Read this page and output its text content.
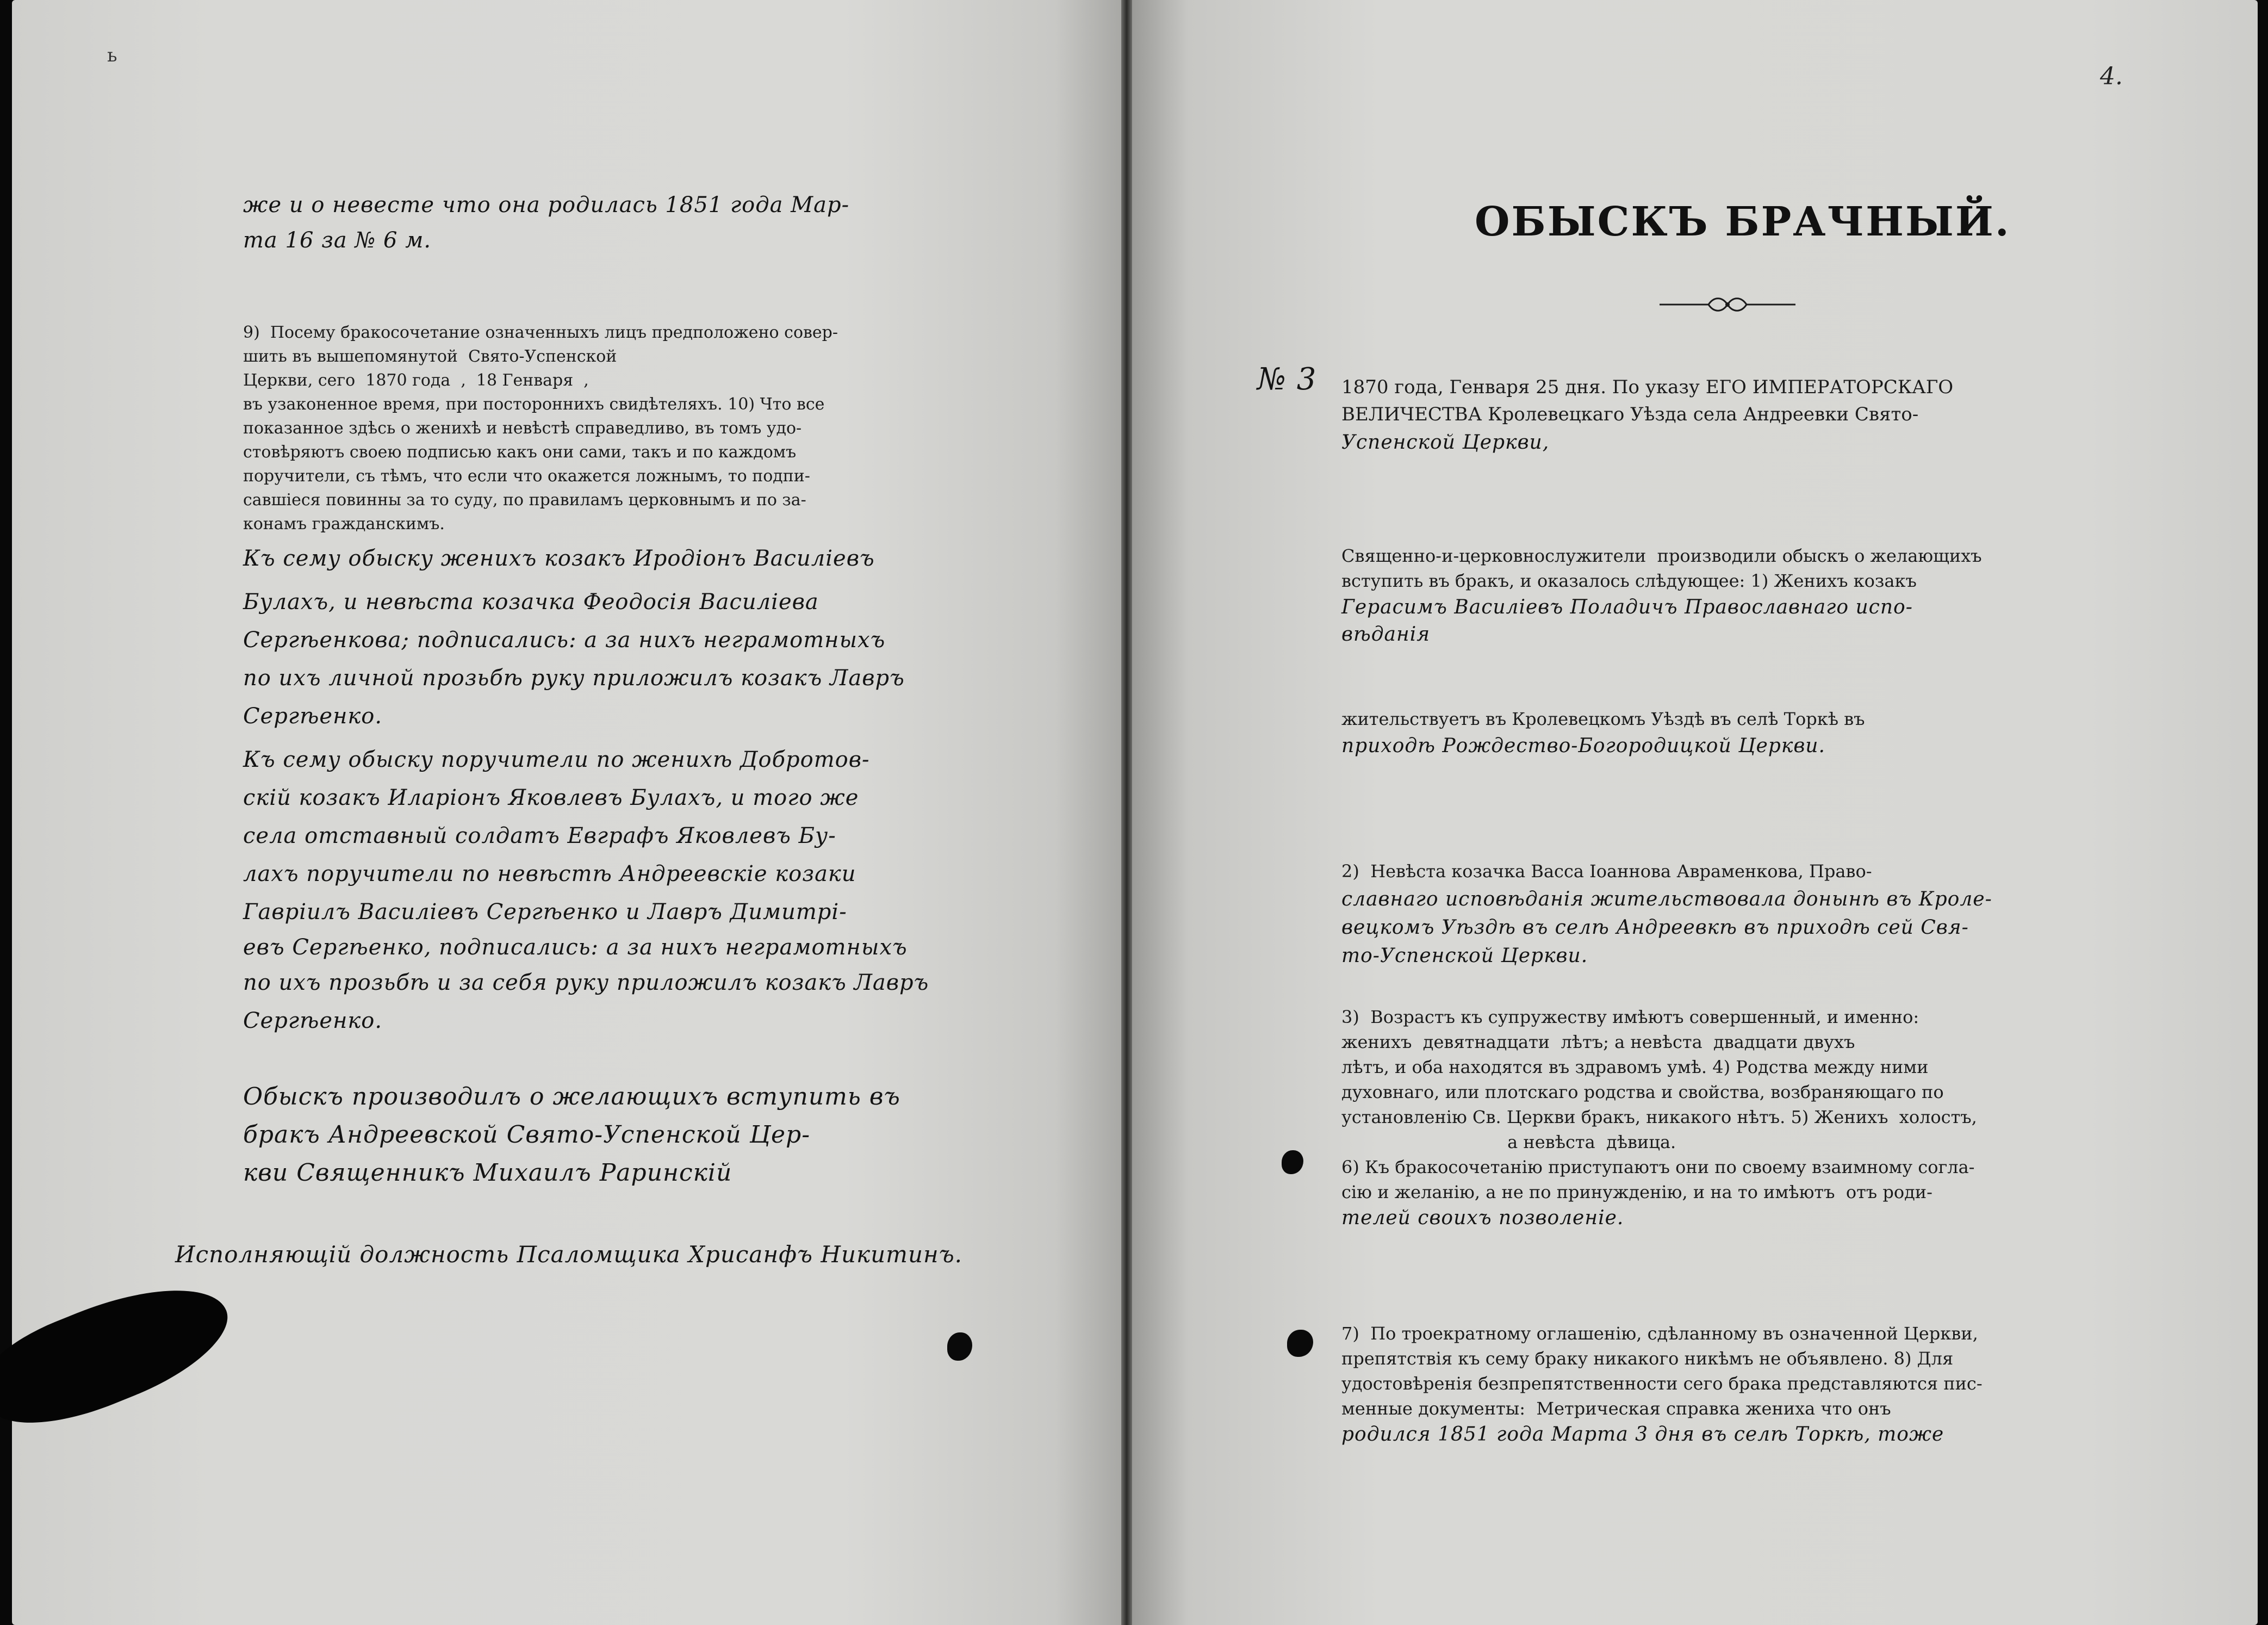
ь

же и о невесте что она родилась 1851 года Мар-

та 16 за № 6 м.

9)  Посему бракосочетание означенныхъ лицъ предположено совер-

шить въ вышепомянутой  Свято-Успенской

Церкви, сего  1870 года  ,  18 Генваря  ,

въ узаконенное время, при постороннихъ свидѣтеляхъ. 10) Что все

показанное здѣсь о женихѣ и невѣстѣ справедливо, въ томъ удо-

стовѣряютъ своею подписью какъ они сами, такъ и по каждомъ

поручители, съ тѣмъ, что если что окажется ложнымъ, то подпи-

савшіеся повинны за то суду, по правиламъ церковнымъ и по за-

конамъ гражданскимъ.

Къ сему обыску женихъ козакъ Иродіонъ Василіевъ

Булахъ, и невѣста козачка Феодосія Василіева

Сергѣенкова; подписались: а за нихъ неграмотныхъ

по ихъ личной прозьбѣ руку приложилъ козакъ Лавръ

Сергѣенко.

Къ сему обыску поручители по женихѣ Добротов-

скій козакъ Иларіонъ Яковлевъ Булахъ, и того же

села отставный солдатъ Евграфъ Яковлевъ Бу-

лахъ поручители по невѣстѣ Андреевскіе козаки

Гавріилъ Василіевъ Сергѣенко и Лавръ Димитрі-

евъ Сергѣенко, подписались: а за нихъ неграмотныхъ

по ихъ прозьбѣ и за себя руку приложилъ козакъ Лавръ

Сергѣенко.

Обыскъ производилъ о желающихъ вступить въ

бракъ Андреевской Свято-Успенской Цер-

кви Священникъ Михаилъ Раринскій

Исполняющій должность Псаломщика Хрисанфъ Никитинъ.

4.

ОБЫСКЪ БРАЧНЫЙ.

№ 3 1870 года, Генваря 25 дня. По указу ЕГО ИМПЕРАТОРСКАГО

ВЕЛИЧЕСТВА Кролевецкаго Уѣзда села Андреевки Свято-

Успенской Церкви,

Священно-и-церковнослужители  производили обыскъ о желающихъ

вступить въ бракъ, и оказалось слѣдующее: 1) Женихъ козакъ

Герасимъ Василіевъ Поладичъ Православнаго испо-

вѣданія

жительствуетъ въ Кролевецкомъ Уѣздѣ въ селѣ Торкѣ въ

приходѣ Рождество-Богородицкой Церкви.

2)  Невѣста козачка Васса Іоаннова Авраменкова, Право-

славнаго исповѣданія жительствовала донынѣ въ Кроле-

вецкомъ Уѣздѣ въ селѣ Андреевкѣ въ приходѣ сей Свя-

то-Успенской Церкви.

3)  Возрастъ къ супружеству имѣютъ совершенный, и именно:

женихъ  девятнадцати  лѣтъ; а невѣста  двадцати двухъ

лѣтъ, и оба находятся въ здравомъ умѣ. 4) Родства между ними

духовнаго, или плотскаго родства и свойства, возбраняющаго по

установленію Св. Церкви бракъ, никакого нѣтъ. 5) Женихъ  холостъ,

а невѣста  дѣвица.

6) Къ бракосочетанію приступаютъ они по своему взаимному согла-

сію и желанію, а не по принужденію, и на то имѣютъ  отъ роди-

телей своихъ позволеніе.

7)  По троекратному оглашенію, сдѣланному въ означенной Церкви,

препятствія къ сему браку никакого никѣмъ не объявлено. 8) Для

удостовѣренія безпрепятственности сего брака представляются пис-

менные документы:  Метрическая справка жениха что онъ

родился 1851 года Марта 3 дня въ селѣ Торкѣ, тоже
